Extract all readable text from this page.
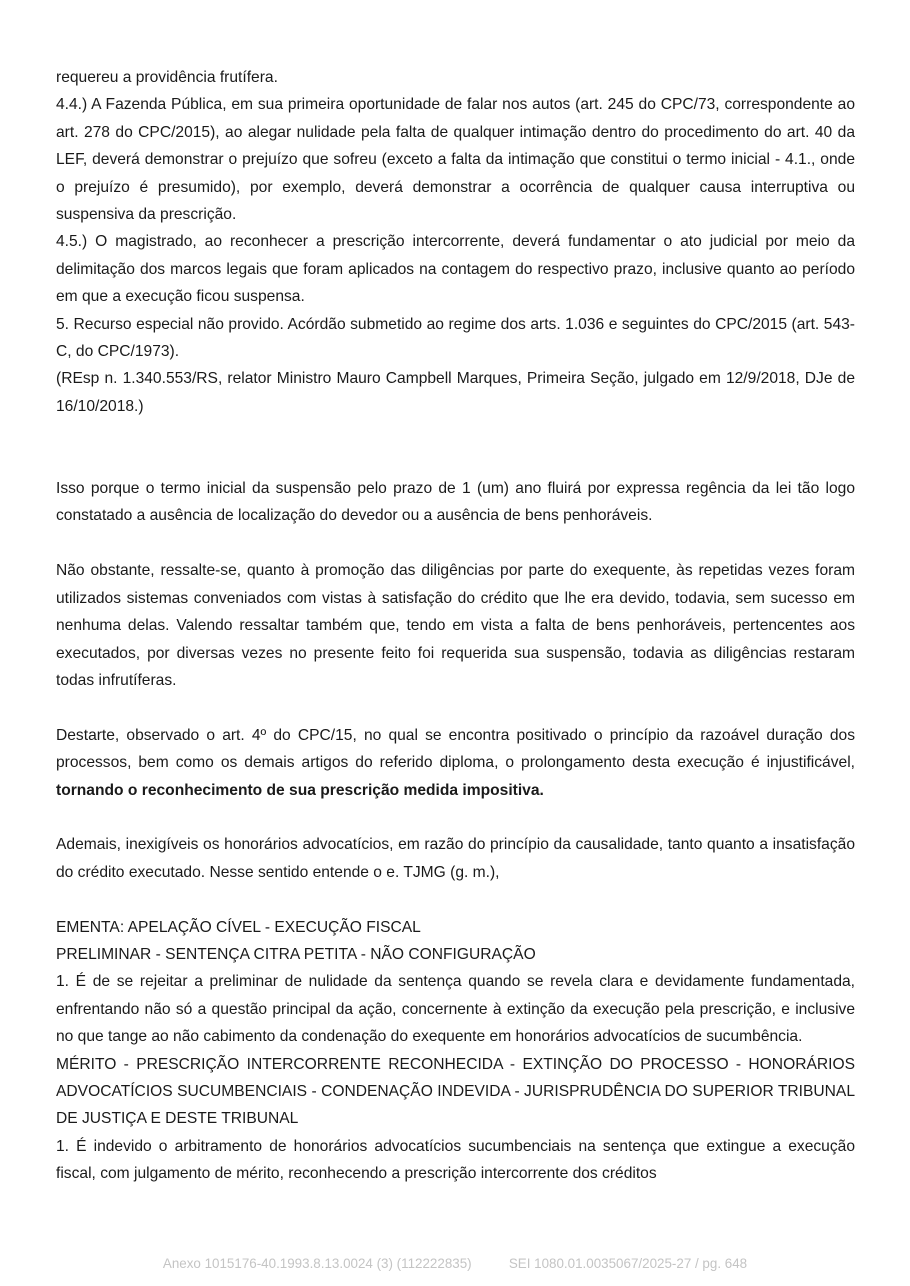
requereu a providência frutífera.

4.4.) A Fazenda Pública, em sua primeira oportunidade de falar nos autos (art. 245 do CPC/73, correspondente ao art. 278 do CPC/2015), ao alegar nulidade pela falta de qualquer intimação dentro do procedimento do art. 40 da LEF, deverá demonstrar o prejuízo que sofreu (exceto a falta da intimação que constitui o termo inicial - 4.1., onde o prejuízo é presumido), por exemplo, deverá demonstrar a ocorrência de qualquer causa interruptiva ou suspensiva da prescrição.

4.5.) O magistrado, ao reconhecer a prescrição intercorrente, deverá fundamentar o ato judicial por meio da delimitação dos marcos legais que foram aplicados na contagem do respectivo prazo, inclusive quanto ao período em que a execução ficou suspensa.

5. Recurso especial não provido. Acórdão submetido ao regime dos arts. 1.036 e seguintes do CPC/2015 (art. 543-C, do CPC/1973).

(REsp n. 1.340.553/RS, relator Ministro Mauro Campbell Marques, Primeira Seção, julgado em 12/9/2018, DJe de 16/10/2018.)

Isso porque o termo inicial da suspensão pelo prazo de 1 (um) ano fluirá por expressa regência da lei tão logo constatado a ausência de localização do devedor ou a ausência de bens penhoráveis.

Não obstante, ressalte-se, quanto à promoção das diligências por parte do exequente, às repetidas vezes foram utilizados sistemas conveniados com vistas à satisfação do crédito que lhe era devido, todavia, sem sucesso em nenhuma delas. Valendo ressaltar também que, tendo em vista a falta de bens penhoráveis, pertencentes aos executados, por diversas vezes no presente feito foi requerida sua suspensão, todavia as diligências restaram todas infrutíferas.

Destarte, observado o art. 4º do CPC/15, no qual se encontra positivado o princípio da razoável duração dos processos, bem como os demais artigos do referido diploma, o prolongamento desta execução é injustificável, tornando o reconhecimento de sua prescrição medida impositiva.

Ademais, inexigíveis os honorários advocatícios, em razão do princípio da causalidade, tanto quanto a insatisfação do crédito executado. Nesse sentido entende o e. TJMG (g. m.),

EMENTA: APELAÇÃO CÍVEL - EXECUÇÃO FISCAL

PRELIMINAR - SENTENÇA CITRA PETITA - NÃO CONFIGURAÇÃO

1. É de se rejeitar a preliminar de nulidade da sentença quando se revela clara e devidamente fundamentada, enfrentando não só a questão principal da ação, concernente à extinção da execução pela prescrição, e inclusive no que tange ao não cabimento da condenação do exequente em honorários advocatícios de sucumbência.

MÉRITO - PRESCRIÇÃO INTERCORRENTE RECONHECIDA - EXTINÇÃO DO PROCESSO - HONORÁRIOS ADVOCATÍCIOS SUCUMBENCIAIS - CONDENAÇÃO INDEVIDA - JURISPRUDÊNCIA DO SUPERIOR TRIBUNAL DE JUSTIÇA E DESTE TRIBUNAL

1. É indevido o arbitramento de honorários advocatícios sucumbenciais na sentença que extingue a execução fiscal, com julgamento de mérito, reconhecendo a prescrição intercorrente dos créditos

Anexo 1015176-40.1993.8.13.0024 (3) (112222835)	SEI 1080.01.0035067/2025-27 / pg. 648
